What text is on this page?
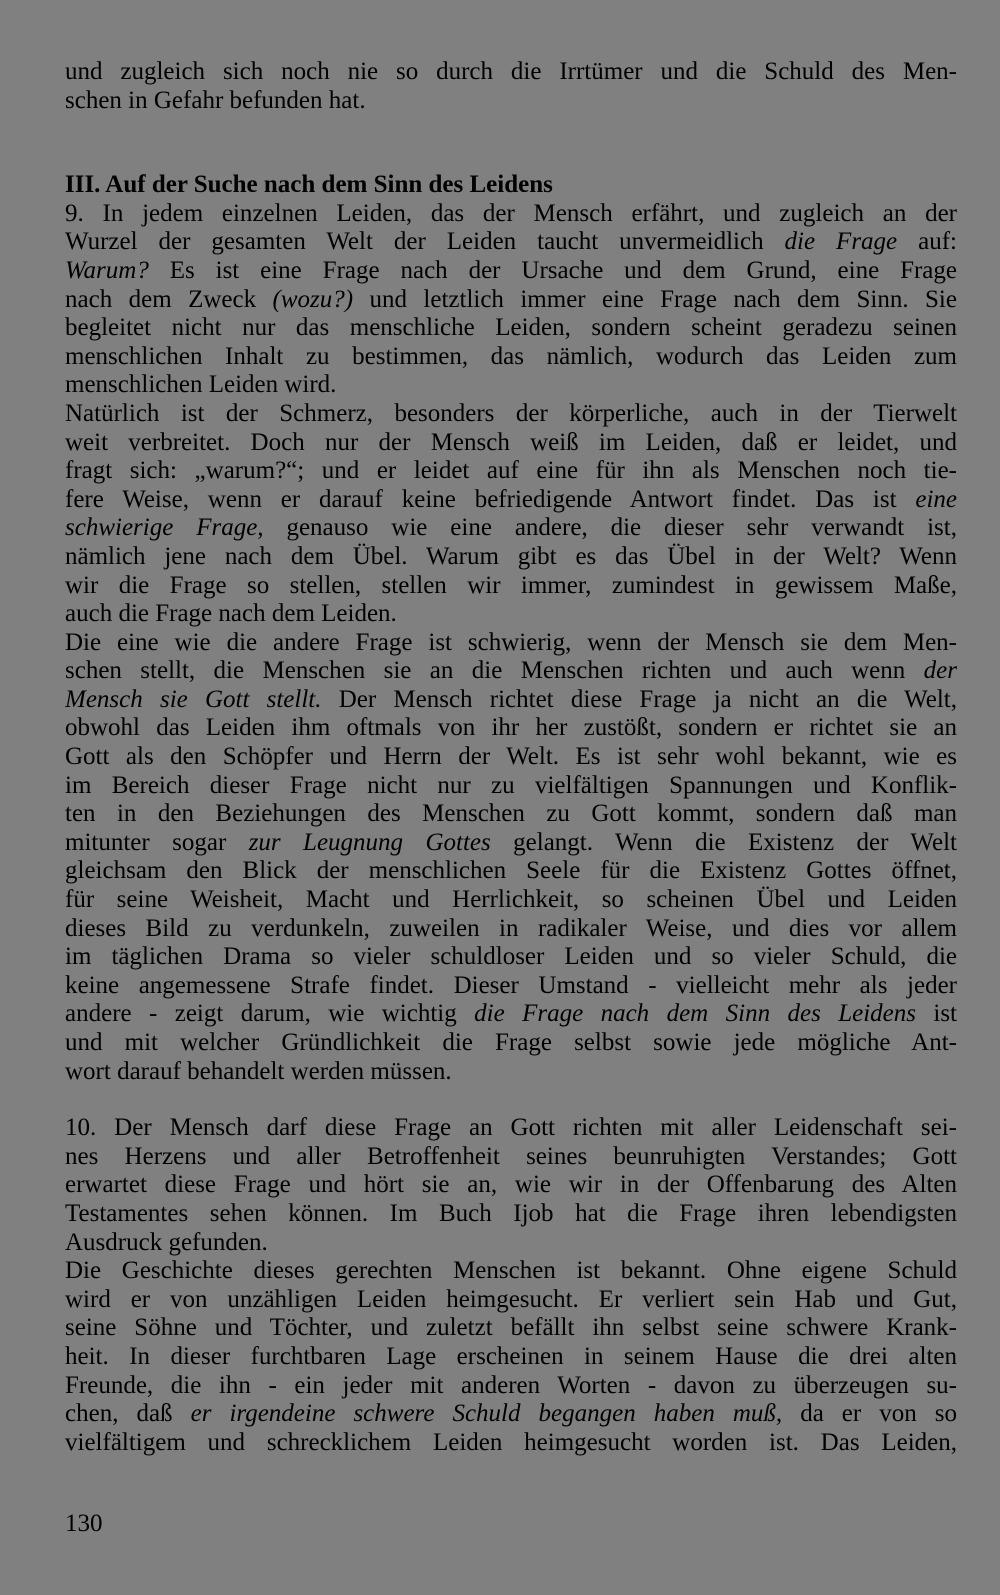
und zugleich sich noch nie so durch die Irrtümer und die Schuld des Men-
schen in Gefahr befunden hat.
III. Auf der Suche nach dem Sinn des Leidens
9. In jedem einzelnen Leiden, das der Mensch erfährt, und zugleich an der
Wurzel der gesamten Welt der Leiden taucht unvermeidlich die Frage auf:
Warum? Es ist eine Frage nach der Ursache und dem Grund, eine Frage
nach dem Zweck (wozu?) und letztlich immer eine Frage nach dem Sinn. Sie
begleitet nicht nur das menschliche Leiden, sondern scheint geradezu seinen
menschlichen Inhalt zu bestimmen, das nämlich, wodurch das Leiden zum
menschlichen Leiden wird.
Natürlich ist der Schmerz, besonders der körperliche, auch in der Tierwelt
weit verbreitet. Doch nur der Mensch weiß im Leiden, daß er leidet, und
fragt sich: „warum?“; und er leidet auf eine für ihn als Menschen noch tie-
fere Weise, wenn er darauf keine befriedigende Antwort findet. Das ist eine
schwierige Frage, genauso wie eine andere, die dieser sehr verwandt ist,
nämlich jene nach dem Übel. Warum gibt es das Übel in der Welt? Wenn
wir die Frage so stellen, stellen wir immer, zumindest in gewissem Maße,
auch die Frage nach dem Leiden.
Die eine wie die andere Frage ist schwierig, wenn der Mensch sie dem Men-
schen stellt, die Menschen sie an die Menschen richten und auch wenn der
Mensch sie Gott stellt. Der Mensch richtet diese Frage ja nicht an die Welt,
obwohl das Leiden ihm oftmals von ihr her zustößt, sondern er richtet sie an
Gott als den Schöpfer und Herrn der Welt. Es ist sehr wohl bekannt, wie es
im Bereich dieser Frage nicht nur zu vielfältigen Spannungen und Konflik-
ten in den Beziehungen des Menschen zu Gott kommt, sondern daß man
mitunter sogar zur Leugnung Gottes gelangt. Wenn die Existenz der Welt
gleichsam den Blick der menschlichen Seele für die Existenz Gottes öffnet,
für seine Weisheit, Macht und Herrlichkeit, so scheinen Übel und Leiden
dieses Bild zu verdunkeln, zuweilen in radikaler Weise, und dies vor allem
im täglichen Drama so vieler schuldloser Leiden und so vieler Schuld, die
keine angemessene Strafe findet. Dieser Umstand - vielleicht mehr als jeder
andere - zeigt darum, wie wichtig die Frage nach dem Sinn des Leidens ist
und mit welcher Gründlichkeit die Frage selbst sowie jede mögliche Ant-
wort darauf behandelt werden müssen.
10. Der Mensch darf diese Frage an Gott richten mit aller Leidenschaft sei-
nes Herzens und aller Betroffenheit seines beunruhigten Verstandes; Gott
erwartet diese Frage und hört sie an, wie wir in der Offenbarung des Alten
Testamentes sehen können. Im Buch Ijob hat die Frage ihren lebendigsten
Ausdruck gefunden.
Die Geschichte dieses gerechten Menschen ist bekannt. Ohne eigene Schuld
wird er von unzähligen Leiden heimgesucht. Er verliert sein Hab und Gut,
seine Söhne und Töchter, und zuletzt befällt ihn selbst seine schwere Krank-
heit. In dieser furchtbaren Lage erscheinen in seinem Hause die drei alten
Freunde, die ihn - ein jeder mit anderen Worten - davon zu überzeugen su-
chen, daß er irgendeine schwere Schuld begangen haben muß, da er von so
vielfältigem und schrecklichem Leiden heimgesucht worden ist. Das Leiden,
130
